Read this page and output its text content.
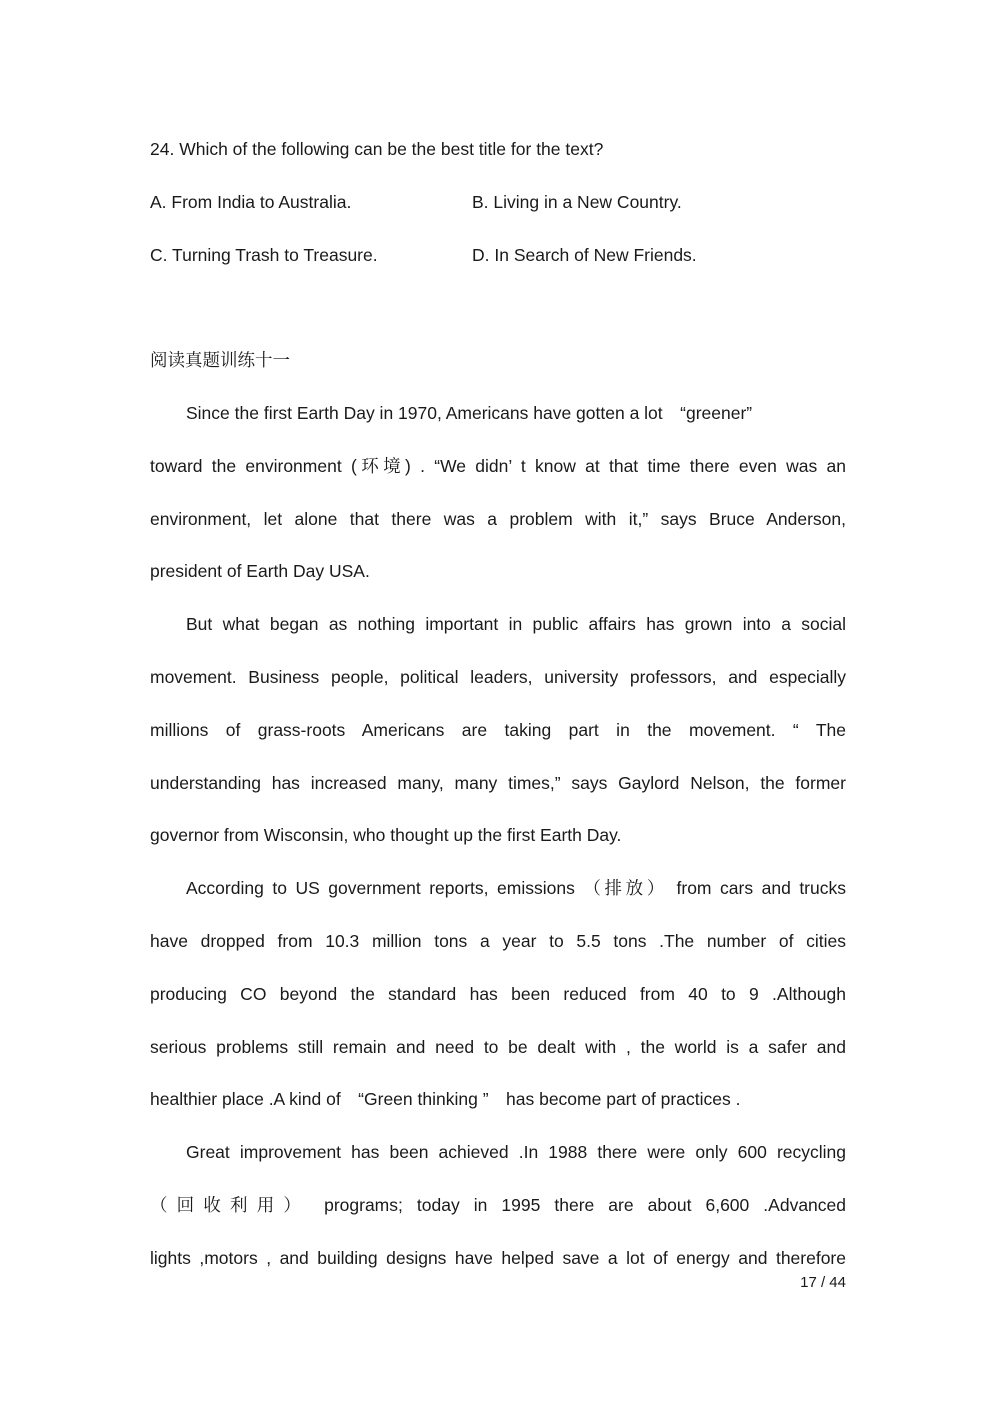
24. Which of the following can be the best title for the text?
A. From India to Australia.	B. Living in a New Country.
C. Turning Trash to Treasure.	D. In Search of New Friends.
阅读真题训练十一
Since the first Earth Day in 1970, Americans have gotten a lot　“greener”
toward the environment (环境) . “We didn’ t know at that time there even was an
environment, let alone that there was a problem with it,” says Bruce Anderson,
president of Earth Day USA.
But what began as nothing important in public affairs has grown into a social
movement. Business people, political leaders, university professors, and especially
millions of grass-roots Americans are taking part in the movement. “ The
understanding has increased many, many times,” says Gaylord Nelson, the former
governor from Wisconsin, who thought up the first Earth Day.
According to US government reports, emissions （排放） from cars and trucks
have dropped from 10.3 million tons a year to 5.5 tons .The number of cities
producing CO beyond the standard has been reduced from 40 to 9 .Although
serious problems still remain and need to be dealt with , the world is a safer and
healthier place .A kind of　“Green thinking ”　has become part of practices .
Great improvement has been achieved .In 1988 there were only 600 recycling
（回收利用） programs; today in 1995 there are about 6,600 .Advanced
lights ,motors , and building designs have helped save a lot of energy and therefore
17 / 44
